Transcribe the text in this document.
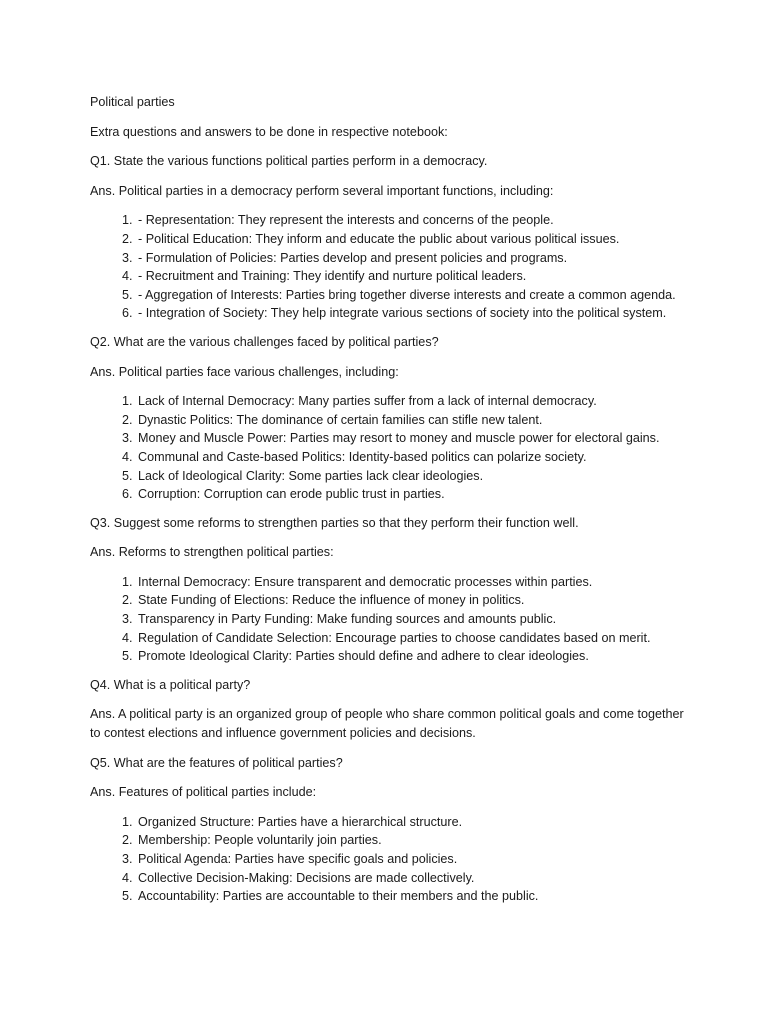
Political parties

Extra questions and answers to be done in respective notebook:

Q1. State the various functions political parties perform in a democracy.

Ans. Political parties in a democracy perform several important functions, including:

1. - Representation: They represent the interests and concerns of the people.
2. - Political Education: They inform and educate the public about various political issues.
3. - Formulation of Policies: Parties develop and present policies and programs.
4. - Recruitment and Training: They identify and nurture political leaders.
5. - Aggregation of Interests: Parties bring together diverse interests and create a common agenda.
6. - Integration of Society: They help integrate various sections of society into the political system.

Q2. What are the various challenges faced by political parties?

Ans. Political parties face various challenges, including:

1. Lack of Internal Democracy: Many parties suffer from a lack of internal democracy.
2. Dynastic Politics: The dominance of certain families can stifle new talent.
3. Money and Muscle Power: Parties may resort to money and muscle power for electoral gains.
4. Communal and Caste-based Politics: Identity-based politics can polarize society.
5. Lack of Ideological Clarity: Some parties lack clear ideologies.
6. Corruption: Corruption can erode public trust in parties.

Q3. Suggest some reforms to strengthen parties so that they perform their function well.

Ans. Reforms to strengthen political parties:

1. Internal Democracy: Ensure transparent and democratic processes within parties.
2. State Funding of Elections: Reduce the influence of money in politics.
3. Transparency in Party Funding: Make funding sources and amounts public.
4. Regulation of Candidate Selection: Encourage parties to choose candidates based on merit.
5. Promote Ideological Clarity: Parties should define and adhere to clear ideologies.

Q4. What is a political party?

Ans. A political party is an organized group of people who share common political goals and come together to contest elections and influence government policies and decisions.

Q5. What are the features of political parties?

Ans. Features of political parties include:

1. Organized Structure: Parties have a hierarchical structure.
2. Membership: People voluntarily join parties.
3. Political Agenda: Parties have specific goals and policies.
4. Collective Decision-Making: Decisions are made collectively.
5. Accountability: Parties are accountable to their members and the public.
